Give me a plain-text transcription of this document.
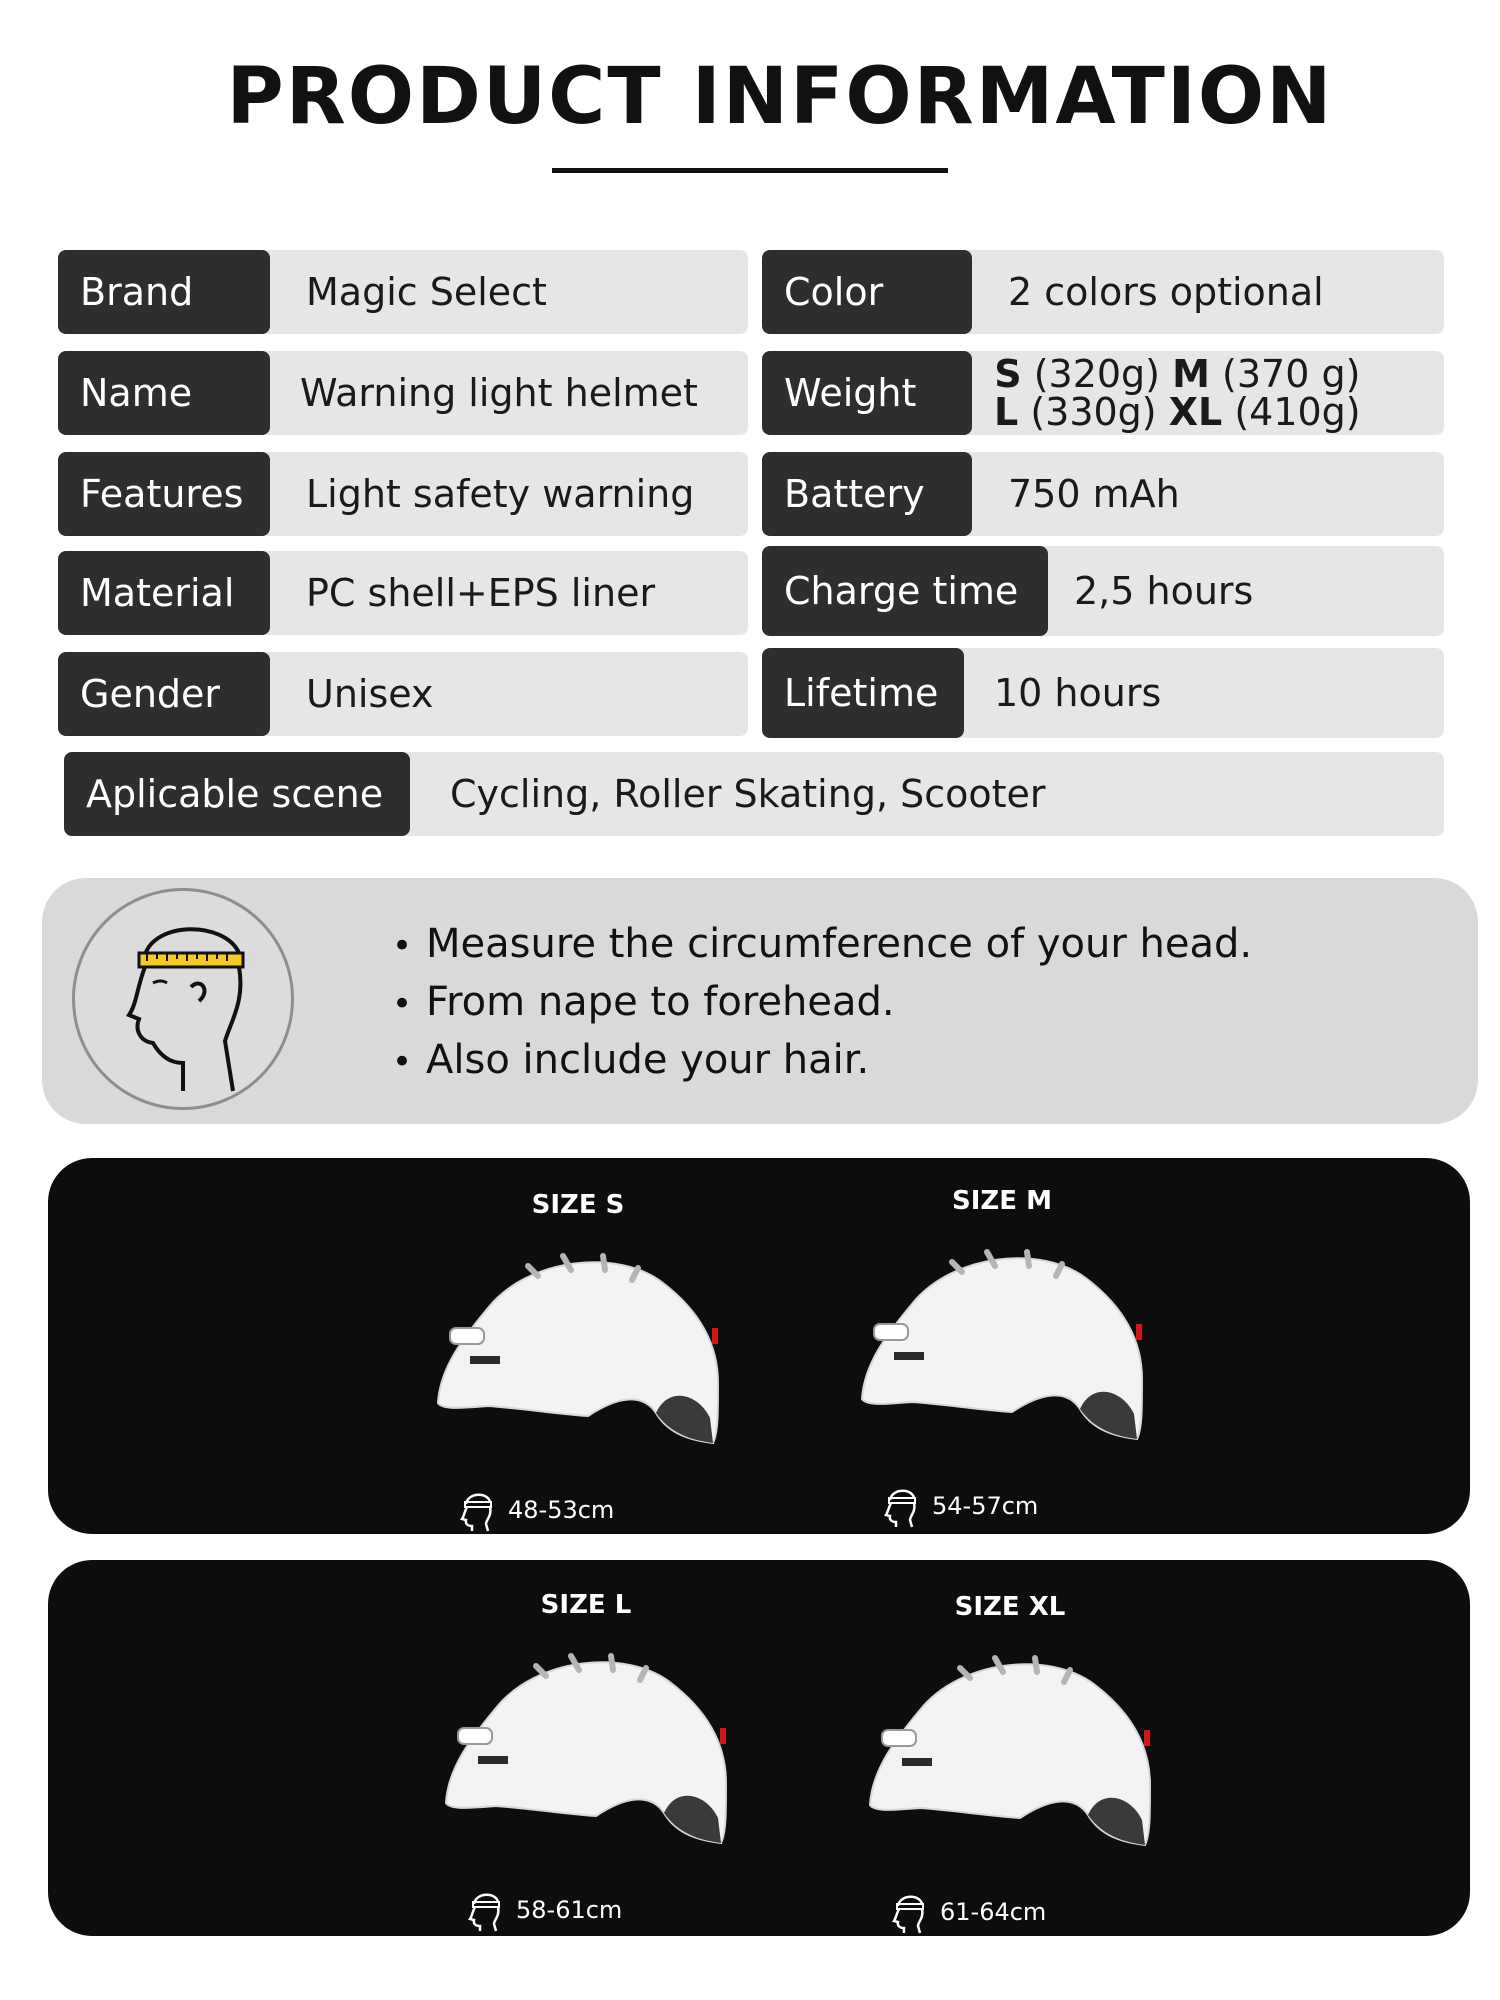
PRODUCT INFORMATION
Brand	Magic Select
Name	Warning light helmet
Features	Light safety warning
Material	PC shell+EPS liner
Gender	Unisex
Color	2 colors optional
Weight	S (320g) M (370 g)
L (330g) XL (410g)
Battery	750 mAh
Charge time	2,5 hours
Lifetime	10 hours
Aplicable scene	Cycling, Roller Skating, Scooter
• Measure the circumference of your head.
• From nape to forehead.
• Also include your hair.
SIZE S
48-53cm
SIZE M
54-57cm
SIZE L
58-61cm
SIZE XL
61-64cm
